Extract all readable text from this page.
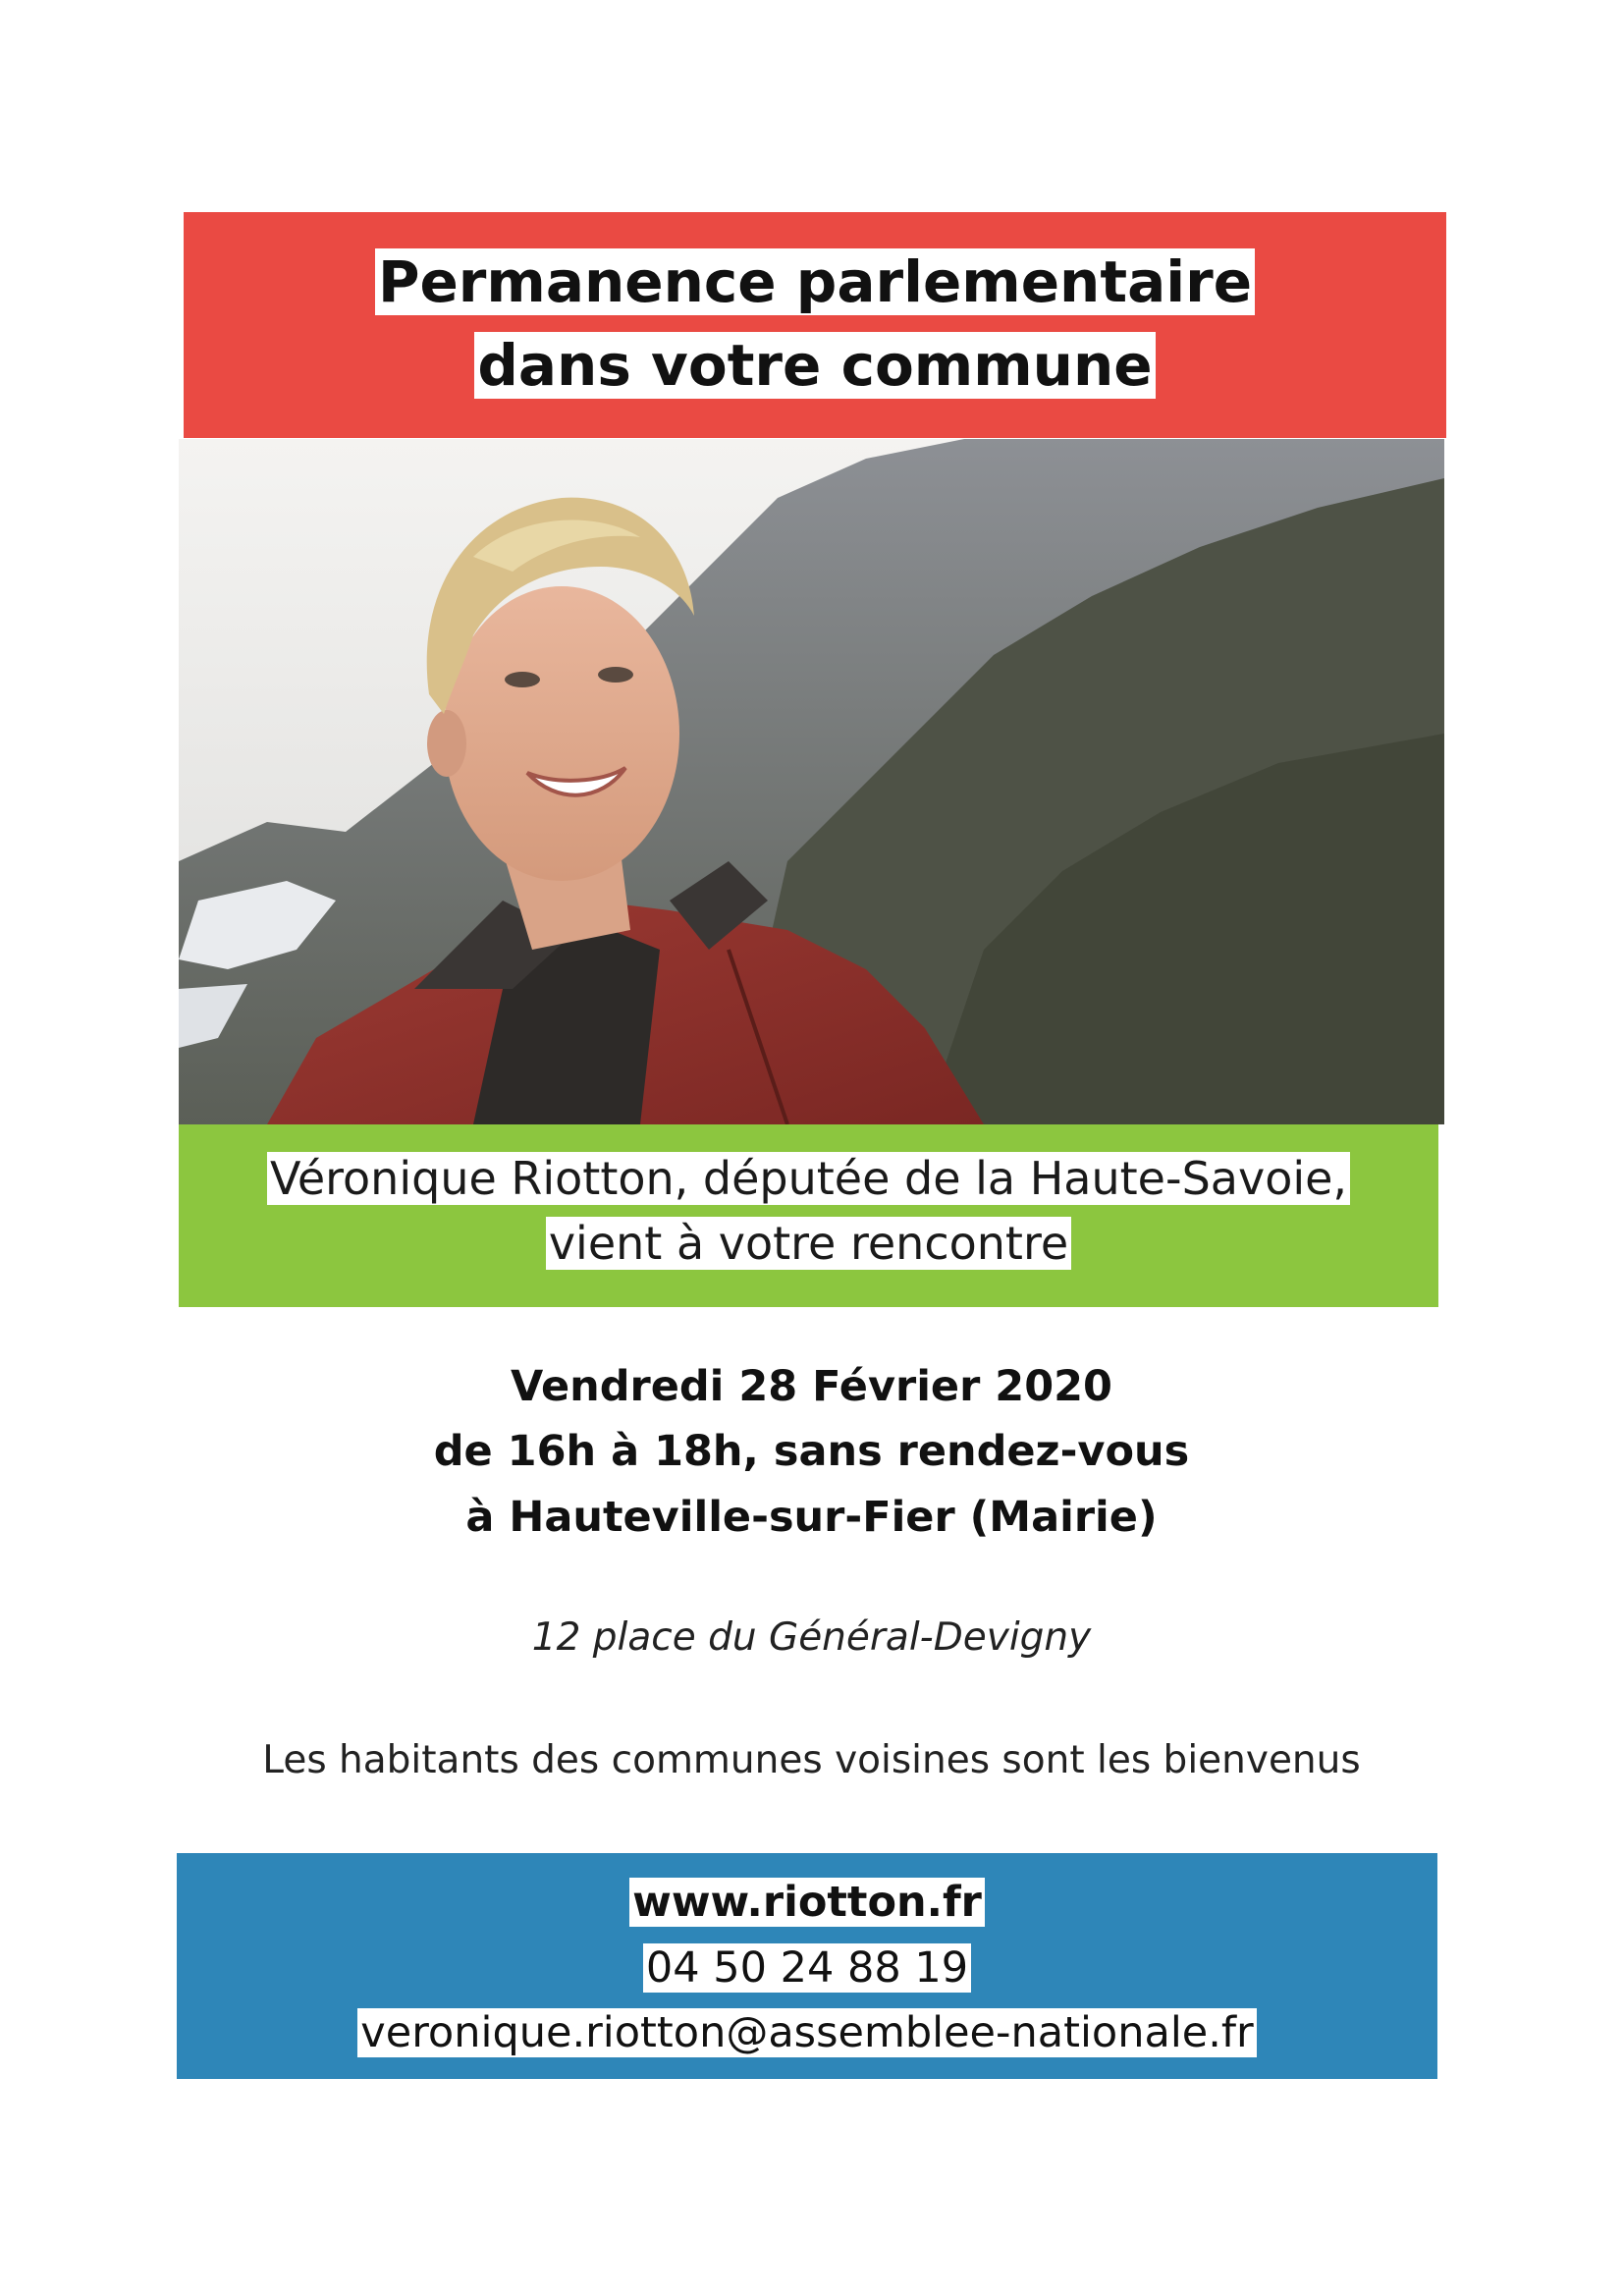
Permanence parlementaire
dans votre commune
Véronique Riotton, députée de la Haute-Savoie,
vient à votre rencontre
Vendredi 28 Février 2020
de 16h à 18h, sans rendez-vous
à Hauteville-sur-Fier (Mairie)
12 place du Général-Devigny
Les habitants des communes voisines sont les bienvenus
www.riotton.fr
04 50 24 88 19
veronique.riotton@assemblee-nationale.fr
